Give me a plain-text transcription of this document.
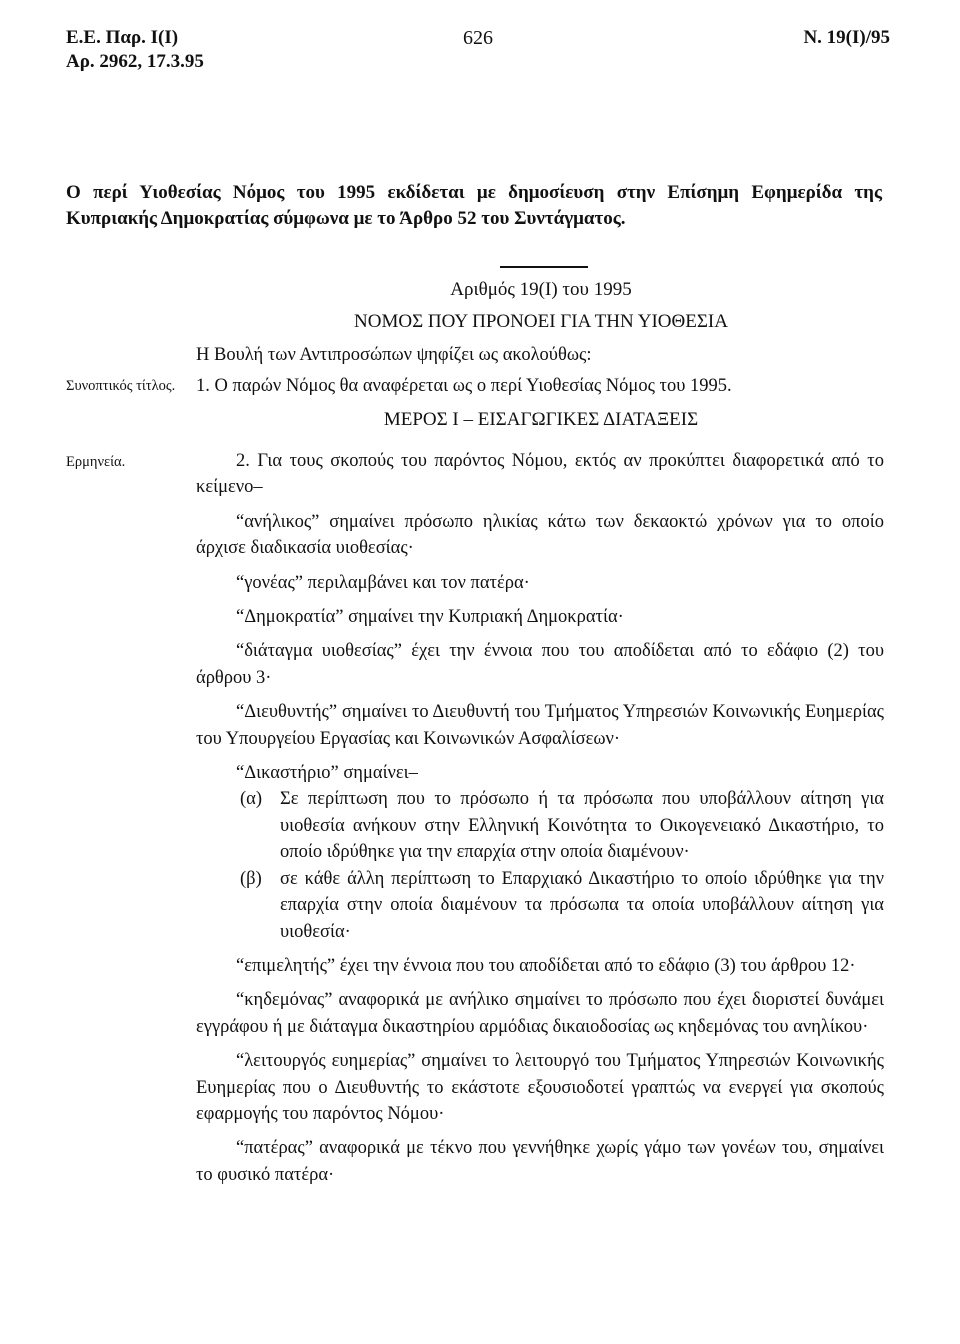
Ε.Ε. Παρ. Ι(Ι)
Αρ. 2962, 17.3.95
626	Ν. 19(Ι)/95
Ο περί Υιοθεσίας Νόμος του 1995 εκδίδεται με δημοσίευση στην Επίσημη Εφημερίδα της Κυπριακής Δημοκρατίας σύμφωνα με το Άρθρο 52 του Συντάγματος.
Αριθμός 19(Ι) του 1995
ΝΟΜΟΣ ΠΟΥ ΠΡΟΝΟΕΙ ΓΙΑ ΤΗΝ ΥΙΟΘΕΣΙΑ
Η Βουλή των Αντιπροσώπων ψηφίζει ως ακολούθως:
Συνοπτικός τίτλος. 1. Ο παρών Νόμος θα αναφέρεται ως ο περί Υιοθεσίας Νόμος του 1995.
ΜΕΡΟΣ Ι – ΕΙΣΑΓΩΓΙΚΕΣ ΔΙΑΤΑΞΕΙΣ
Ερμηνεία.	2. Για τους σκοπούς του παρόντος Νόμου, εκτός αν προκύπτει διαφορετικά από το κείμενο–

“ανήλικος” σημαίνει πρόσωπο ηλικίας κάτω των δεκαοκτώ χρόνων για το οποίο άρχισε διαδικασία υιοθεσίας·

“γονέας” περιλαμβάνει και τον πατέρα·

“Δημοκρατία” σημαίνει την Κυπριακή Δημοκρατία·

“διάταγμα υιοθεσίας” έχει την έννοια που του αποδίδεται από το εδάφιο (2) του άρθρου 3·

“Διευθυντής” σημαίνει το Διευθυντή του Τμήματος Υπηρεσιών Κοινωνικής Ευημερίας του Υπουργείου Εργασίας και Κοινωνικών Ασφαλίσεων·

“Δικαστήριο” σημαίνει–

(α) Σε περίπτωση που το πρόσωπο ή τα πρόσωπα που υποβάλλουν αίτηση για υιοθεσία ανήκουν στην Ελληνική Κοινότητα το Οικογενειακό Δικαστήριο, το οποίο ιδρύθηκε για την επαρχία στην οποία διαμένουν·
(β) σε κάθε άλλη περίπτωση το Επαρχιακό Δικαστήριο το οποίο ιδρύθηκε για την επαρχία στην οποία διαμένουν τα πρόσωπα τα οποία υποβάλλουν αίτηση για υιοθεσία·

“επιμελητής” έχει την έννοια που του αποδίδεται από το εδάφιο (3) του άρθρου 12·

“κηδεμόνας” αναφορικά με ανήλικο σημαίνει το πρόσωπο που έχει διοριστεί δυνάμει εγγράφου ή με διάταγμα δικαστηρίου αρμόδιας δικαιοδοσίας ως κηδεμόνας του ανηλίκου·

“λειτουργός ευημερίας” σημαίνει το λειτουργό του Τμήματος Υπηρεσιών Κοινωνικής Ευημερίας που ο Διευθυντής το εκάστοτε εξουσιοδοτεί γραπτώς να ενεργεί για σκοπούς εφαρμογής του παρόντος Νόμου·

“πατέρας” αναφορικά με τέκνο που γεννήθηκε χωρίς γάμο των γονέων του, σημαίνει το φυσικό πατέρα·
